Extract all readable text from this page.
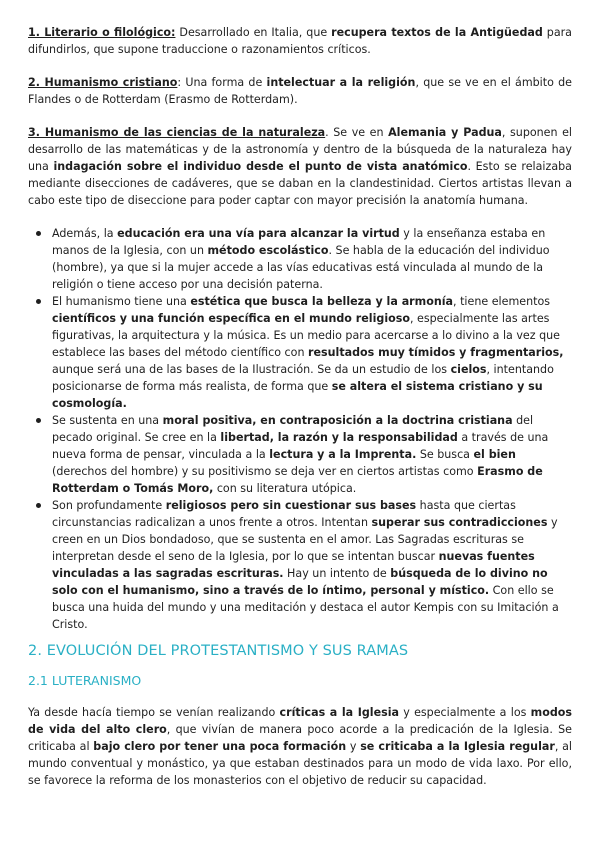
1. Literario o filológico: Desarrollado en Italia, que recupera textos de la Antigüedad para difundirlos, que supone traduccione o razonamientos críticos.

2. Humanismo cristiano: Una forma de intelectuar a la religión, que se ve en el ámbito de Flandes o de Rotterdam (Erasmo de Rotterdam).

3. Humanismo de las ciencias de la naturaleza. Se ve en Alemania y Padua, suponen el desarrollo de las matemáticas y de la astronomía y dentro de la búsqueda de la naturaleza hay una indagación sobre el individuo desde el punto de vista anatómico. Esto se relaizaba mediante disecciones de cadáveres, que se daban en la clandestinidad. Ciertos artistas llevan a cabo este tipo de diseccione para poder captar con mayor precisión la anatomía humana.

Además, la educación era una vía para alcanzar la virtud y la enseñanza estaba en manos de la Iglesia, con un método escolástico. Se habla de la educación del individuo (hombre), ya que si la mujer accede a las vías educativas está vinculada al mundo de la religión o tiene acceso por una decisión paterna.
El humanismo tiene una estética que busca la belleza y la armonía, tiene elementos científicos y una función específica en el mundo religioso, especialmente las artes figurativas, la arquitectura y la música. Es un medio para acercarse a lo divino a la vez que establece las bases del método científico con resultados muy tímidos y fragmentarios, aunque será una de las bases de la Ilustración. Se da un estudio de los cielos, intentando posicionarse de forma más realista, de forma que se altera el sistema cristiano y su cosmología.
Se sustenta en una moral positiva, en contraposición a la doctrina cristiana del pecado original. Se cree en la libertad, la razón y la responsabilidad a través de una nueva forma de pensar, vinculada a la lectura y a la Imprenta. Se busca el bien (derechos del hombre) y su positivismo se deja ver en ciertos artistas como Erasmo de Rotterdam o Tomás Moro, con su literatura utópica.
Son profundamente religiosos pero sin cuestionar sus bases hasta que ciertas circunstancias radicalizan a unos frente a otros. Intentan superar sus contradicciones y creen en un Dios bondadoso, que se sustenta en el amor. Las Sagradas escrituras se interpretan desde el seno de la Iglesia, por lo que se intentan buscar nuevas fuentes vinculadas a las sagradas escrituras. Hay un intento de búsqueda de lo divino no solo con el humanismo, sino a través de lo íntimo, personal y místico. Con ello se busca una huida del mundo y una meditación y destaca el autor Kempis con su Imitación a Cristo.
2. EVOLUCIÓN DEL PROTESTANTISMO Y SUS RAMAS
2.1 LUTERANISMO

Ya desde hacía tiempo se venían realizando críticas a la Iglesia y especialmente a los modos de vida del alto clero, que vivían de manera poco acorde a la predicación de la Iglesia. Se criticaba al bajo clero por tener una poca formación y se criticaba a la Iglesia regular, al mundo conventual y monástico, ya que estaban destinados para un modo de vida laxo. Por ello, se favorece la reforma de los monasterios con el objetivo de reducir su capacidad.
